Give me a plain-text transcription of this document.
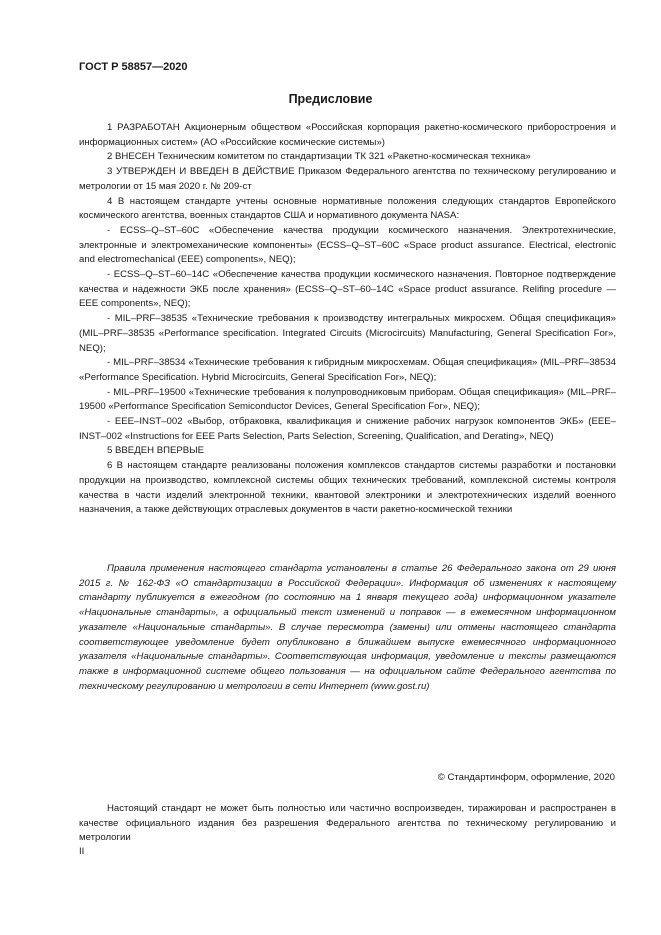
ГОСТ Р 58857—2020
Предисловие

1 РАЗРАБОТАН Акционерным обществом «Российская корпорация ракетно-космического приборостроения и информационных систем» (АО «Российские космические системы»)

2 ВНЕСЕН Техническим комитетом по стандартизации ТК 321 «Ракетно-космическая техника»

3 УТВЕРЖДЕН И ВВЕДЕН В ДЕЙСТВИЕ Приказом Федерального агентства по техническому регулированию и метрологии от 15 мая 2020 г. № 209-ст

4 В настоящем стандарте учтены основные нормативные положения следующих стандартов Европейского космического агентства, военных стандартов США и нормативного документа NASA:

- ECSS–Q–ST–60C «Обеспечение качества продукции космического назначения. Электротехнические, электронные и электромеханические компоненты» (ECSS–Q–ST–60C «Space product assurance. Electrical, electronic and electromechanical (EEE) components», NEQ);

- ECSS–Q–ST–60–14C «Обеспечение качества продукции космического назначения. Повторное подтверждение качества и надежности ЭКБ после хранения» (ECSS–Q–ST–60–14C «Space product assurance. Relifing procedure — EEE components», NEQ);

- MIL–PRF–38535 «Технические требования к производству интегральных микросхем. Общая спецификация» (MIL–PRF–38535 «Performance specification. Integrated Circuits (Microcircuits) Manufacturing, General Specification For», NEQ);

- MIL–PRF–38534 «Технические требования к гибридным микросхемам. Общая спецификация» (MIL–PRF–38534 «Performance Specification. Hybrid Microcircuits, General Specification For», NEQ);

- MIL–PRF–19500 «Технические требования к полупроводниковым приборам. Общая спецификация» (MIL–PRF–19500 «Performance Specification Semiconductor Devices, General Specification For», NEQ);

- EEE–INST–002 «Выбор, отбраковка, квалификация и снижение рабочих нагрузок компонентов ЭКБ» (EEE–INST–002 «Instructions for EEE Parts Selection, Parts Selection, Screening, Qualification, and Derating», NEQ)

5 ВВЕДЕН ВПЕРВЫЕ

6 В настоящем стандарте реализованы положения комплексов стандартов системы разработки и постановки продукции на производство, комплексной системы общих технических требований, комплексной системы контроля качества в части изделий электронной техники, квантовой электроники и электротехнических изделий военного назначения, а также действующих отраслевых документов в части ракетно-космической техники

Правила применения настоящего стандарта установлены в статье 26 Федерального закона от 29 июня 2015 г. № 162-ФЗ «О стандартизации в Российской Федерации». Информация об изменениях к настоящему стандарту публикуется в ежегодном (по состоянию на 1 января текущего года) информационном указателе «Национальные стандарты», а официальный текст изменений и поправок — в ежемесячном информационном указателе «Национальные стандарты». В случае пересмотра (замены) или отмены настоящего стандарта соответствующее уведомление будет опубликовано в ближайшем выпуске ежемесячного информационного указателя «Национальные стандарты». Соответствующая информация, уведомление и тексты размещаются также в информационной системе общего пользования — на официальном сайте Федерального агентства по техническому регулированию и метрологии в сети Интернет (www.gost.ru)

© Стандартинформ, оформление, 2020

Настоящий стандарт не может быть полностью или частично воспроизведен, тиражирован и распространен в качестве официального издания без разрешения Федерального агентства по техническому регулированию и метрологии

II
